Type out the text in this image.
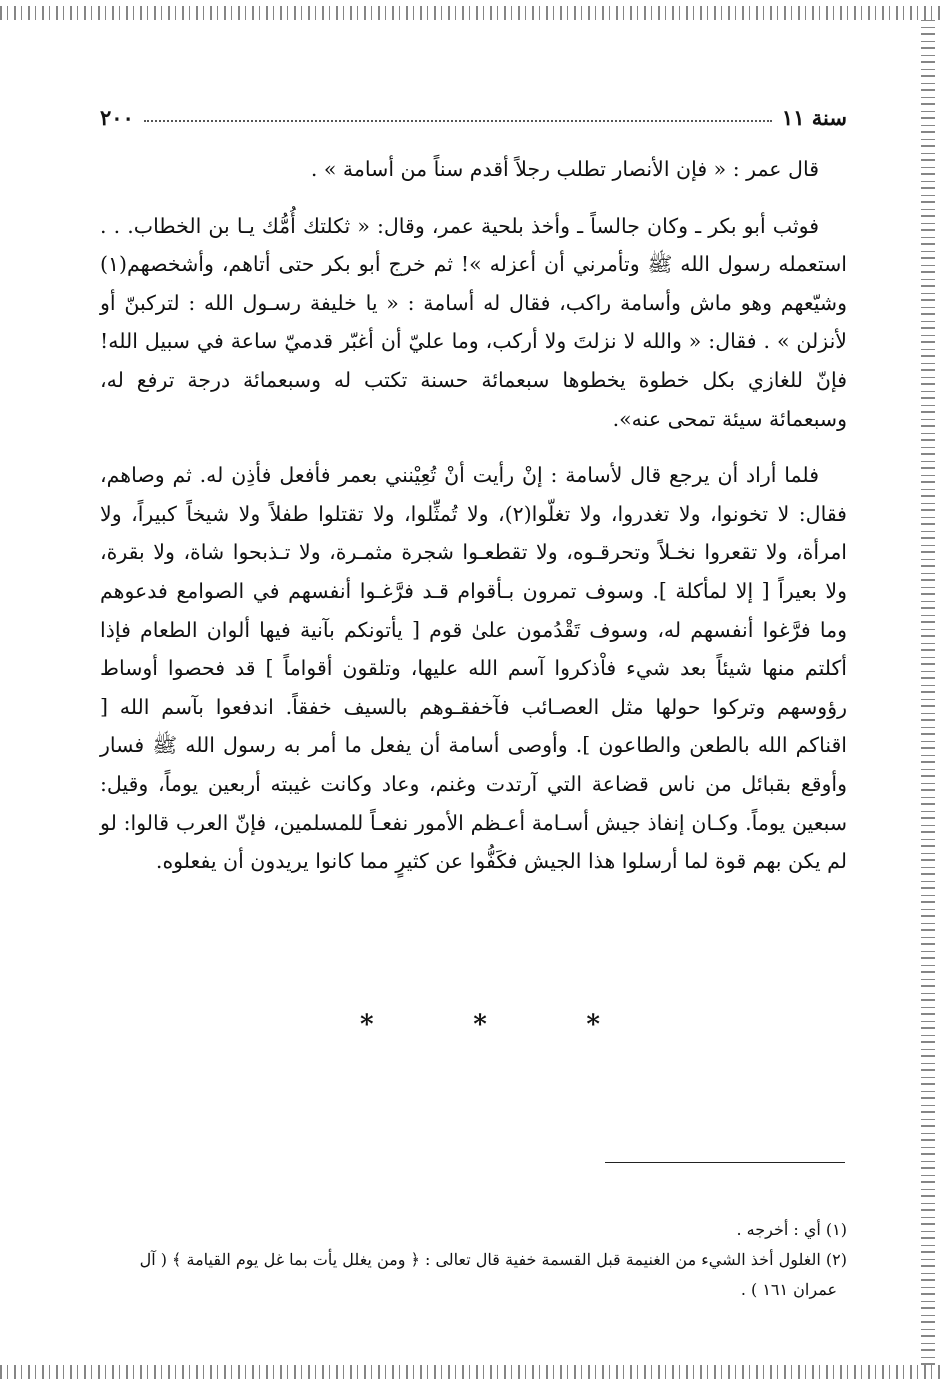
سنة ١١
٢٠٠

قال عمر : « فإن الأنصار تطلب رجلاً أقدم سناً من أسامة » .

فوثب أبو بكر ـ وكان جالساً ـ وأخذ بلحية عمر، وقال: « ثكلتك أُمُّك يـا بن الخطاب. . . استعمله رسول الله ﷺ وتأمرني أن أعزله »! ثم خرج أبو بكر حتى أتاهم، وأشخصهم(١) وشيّعهم وهو ماش وأسامة راكب، فقال له أسامة : « يا خليفة رسـول الله : لتركبنّ أو لأنزلن » . فقال: « والله لا نزلتَ ولا أركب، وما عليّ أن أغبّر قدميّ ساعة في سبيل الله! فإنّ للغازي بكل خطوة يخطوها سبعمائة حسنة تكتب له وسبعمائة درجة ترفع له، وسبعمائة سيئة تمحى عنه».

فلما أراد أن يرجع قال لأسامة : إنْ رأيت أنْ تُعِيْنني بعمر فأفعل فأذِن له. ثم وصاهم، فقال: لا تخونوا، ولا تغدروا، ولا تغلّوا(٢)، ولا تُمثِّلوا، ولا تقتلوا طفلاً ولا شيخاً كبيراً، ولا امرأة، ولا تقعروا نخـلاً وتحرقـوه، ولا تقطعـوا شجرة مثمـرة، ولا تـذبحوا شاة، ولا بقرة، ولا بعيراً [ إلا لمأكلة ]. وسوف تمرون بـأقوام قـد فرَّغـوا أنفسهم في الصوامع فدعوهم وما فرَّغوا أنفسهم له، وسوف تَقْدُمون علىٰ قوم [ يأتونكم بآنية فيها ألوان الطعام فإذا أكلتم منها شيئاً بعد شيء فاْذكروا آسم الله عليها، وتلقون أقواماً ] قد فحصوا أوساط رؤوسهم وتركوا حولها مثل العصـائب فآخفقـوهم بالسيف خفقاً. اندفعوا بآسم الله [ اقناكم الله بالطعن والطاعون ]. وأوصى أسامة أن يفعل ما أمر به رسول الله ﷺ فسار وأوقع بقبائل من ناس قضاعة التي آرتدت وغنم، وعاد وكانت غيبته أربعين يوماً، وقيل: سبعين يوماً. وكـان إنفاذ جيش أسـامة أعـظم الأمور نفعـاً للمسلمين، فإنّ العرب قالوا: لو لم يكن بهم قوة لما أرسلوا هذا الجيش فكَفُّوا عن كثيرٍ مما كانوا يريدون أن يفعلوه.

*
*
*

(١) أي : أخرجه .

(٢) الغلول أخذ الشيء من الغنيمة قبل القسمة خفية قال تعالى : ﴿ ومن يغلل يأت بما غل يوم القيامة ﴾ ( آل

عمران ١٦١ ) .
